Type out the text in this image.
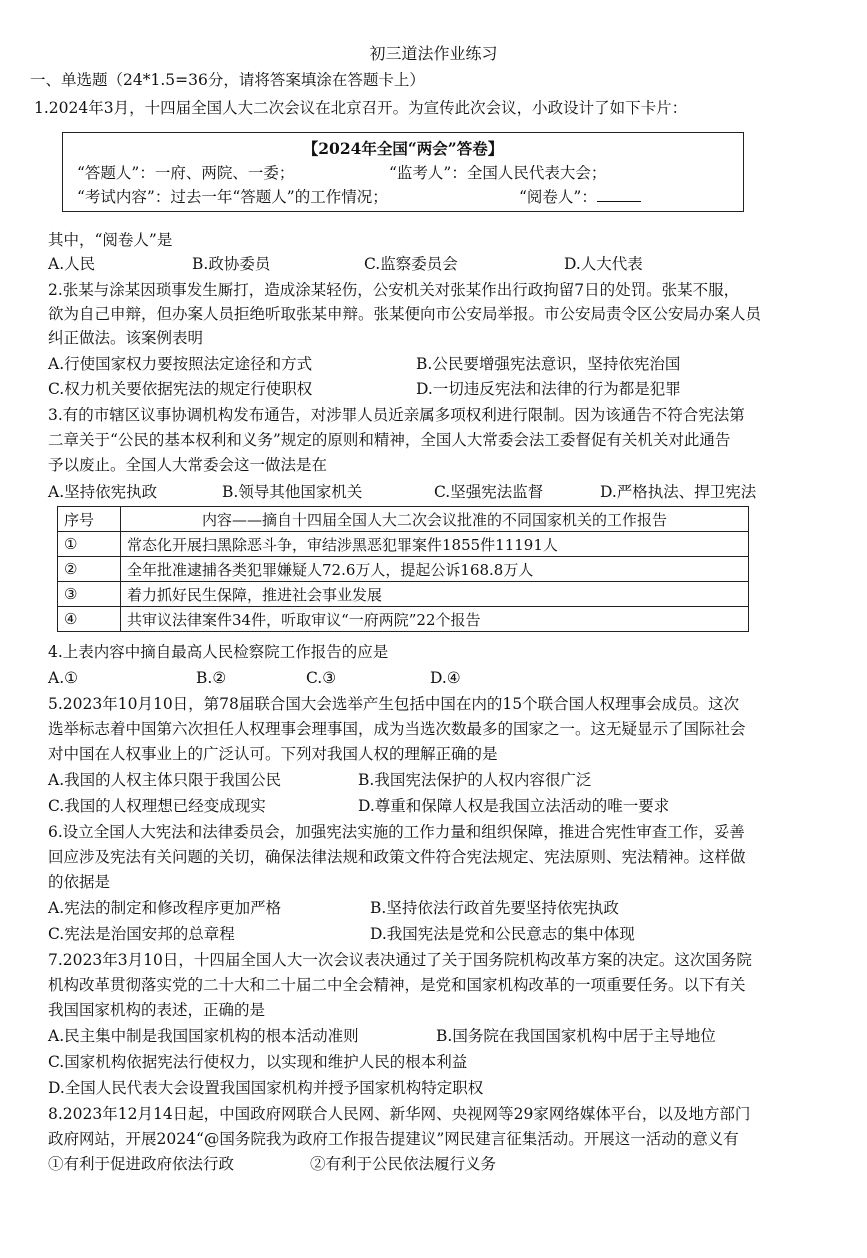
初三道法作业练习
一、单选题（24*1.5=36分，请将答案填涂在答题卡上）
1.2024年3月，十四届全国人大二次会议在北京召开。为宣传此次会议，小政设计了如下卡片：
【2024年全国“两会”答卷】
“答题人”：一府、两院、一委；	“监考人”：全国人民代表大会；
“考试内容”：过去一年“答题人”的工作情况；	“阅卷人”：
其中，“阅卷人”是
A.人民	B.政协委员	C.监察委员会	D.人大代表
2.张某与涂某因琐事发生厮打，造成涂某轻伤，公安机关对张某作出行政拘留7日的处罚。张某不服，
欲为自己申辩，但办案人员拒绝听取张某申辩。张某便向市公安局举报。市公安局责令区公安局办案人员
纠正做法。该案例表明
A.行使国家权力要按照法定途径和方式	B.公民要增强宪法意识，坚持依宪治国
C.权力机关要依据宪法的规定行使职权	D.一切违反宪法和法律的行为都是犯罪
3.有的市辖区议事协调机构发布通告，对涉罪人员近亲属多项权利进行限制。因为该通告不符合宪法第
二章关于“公民的基本权利和义务”规定的原则和精神，全国人大常委会法工委督促有关机关对此通告
予以废止。全国人大常委会这一做法是在
A.坚持依宪执政	B.领导其他国家机关	C.坚强宪法监督	D.严格执法、捍卫宪法
序号	内容——摘自十四届全国人大二次会议批准的不同国家机关的工作报告
①	常态化开展扫黑除恶斗争，审结涉黑恶犯罪案件1855件11191人
②	全年批准逮捕各类犯罪嫌疑人72.6万人，提起公诉168.8万人
③	着力抓好民生保障，推进社会事业发展
④	共审议法律案件34件，听取审议“一府两院”22个报告
4.上表内容中摘自最高人民检察院工作报告的应是
A.①	B.②	C.③	D.④
5.2023年10月10日，第78届联合国大会选举产生包括中国在内的15个联合国人权理事会成员。这次
选举标志着中国第六次担任人权理事会理事国，成为当选次数最多的国家之一。这无疑显示了国际社会
对中国在人权事业上的广泛认可。下列对我国人权的理解正确的是
A.我国的人权主体只限于我国公民	B.我国宪法保护的人权内容很广泛
C.我国的人权理想已经变成现实	D.尊重和保障人权是我国立法活动的唯一要求
6.设立全国人大宪法和法律委员会，加强宪法实施的工作力量和组织保障，推进合宪性审查工作，妥善
回应涉及宪法有关问题的关切，确保法律法规和政策文件符合宪法规定、宪法原则、宪法精神。这样做
的依据是
A.宪法的制定和修改程序更加严格	B.坚持依法行政首先要坚持依宪执政
C.宪法是治国安邦的总章程	D.我国宪法是党和公民意志的集中体现
7.2023年3月10日，十四届全国人大一次会议表决通过了关于国务院机构改革方案的决定。这次国务院
机构改革贯彻落实党的二十大和二十届二中全会精神，是党和国家机构改革的一项重要任务。以下有关
我国国家机构的表述，正确的是
A.民主集中制是我国国家机构的根本活动准则	B.国务院在我国国家机构中居于主导地位
C.国家机构依据宪法行使权力，以实现和维护人民的根本利益
D.全国人民代表大会设置我国国家机构并授予国家机构特定职权
8.2023年12月14日起，中国政府网联合人民网、新华网、央视网等29家网络媒体平台，以及地方部门
政府网站，开展2024“@国务院我为政府工作报告提建议”网民建言征集活动。开展这一活动的意义有
①有利于促进政府依法行政	②有利于公民依法履行义务
